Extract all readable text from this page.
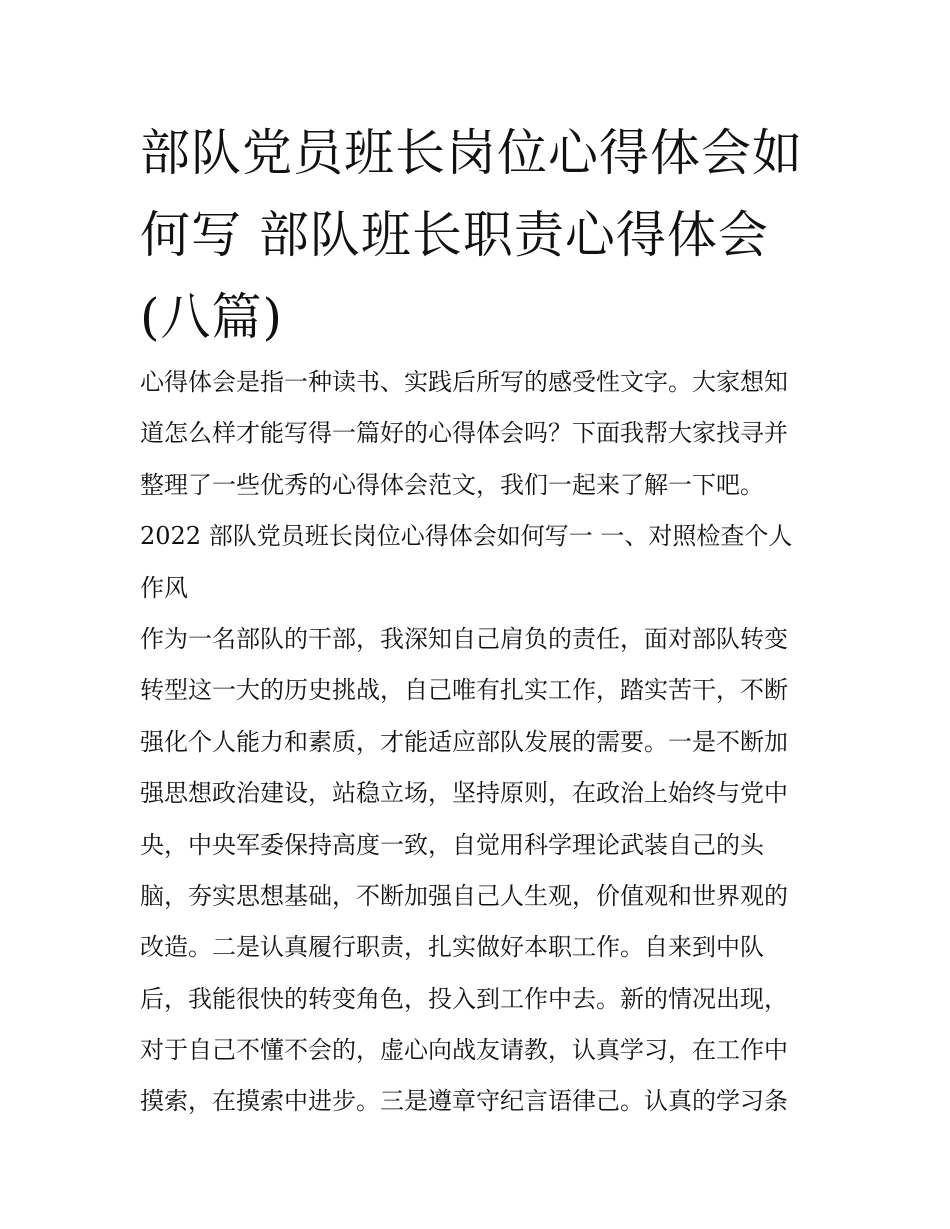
部队党员班长岗位心得体会如
何写 部队班长职责心得体会
(八篇)
心得体会是指一种读书、实践后所写的感受性文字。大家想知
道怎么样才能写得一篇好的心得体会吗？下面我帮大家找寻并
整理了一些优秀的心得体会范文，我们一起来了解一下吧。
2022 部队党员班长岗位心得体会如何写一 一、对照检查个人
作风
作为一名部队的干部，我深知自己肩负的责任，面对部队转变
转型这一大的历史挑战，自己唯有扎实工作，踏实苦干，不断
强化个人能力和素质，才能适应部队发展的需要。一是不断加
强思想政治建设，站稳立场，坚持原则，在政治上始终与党中
央，中央军委保持高度一致，自觉用科学理论武装自己的头
脑，夯实思想基础，不断加强自己人生观，价值观和世界观的
改造。二是认真履行职责，扎实做好本职工作。自来到中队
后，我能很快的转变角色，投入到工作中去。新的情况出现，
对于自己不懂不会的，虚心向战友请教，认真学习，在工作中
摸索，在摸索中进步。三是遵章守纪言语律己。认真的学习条
